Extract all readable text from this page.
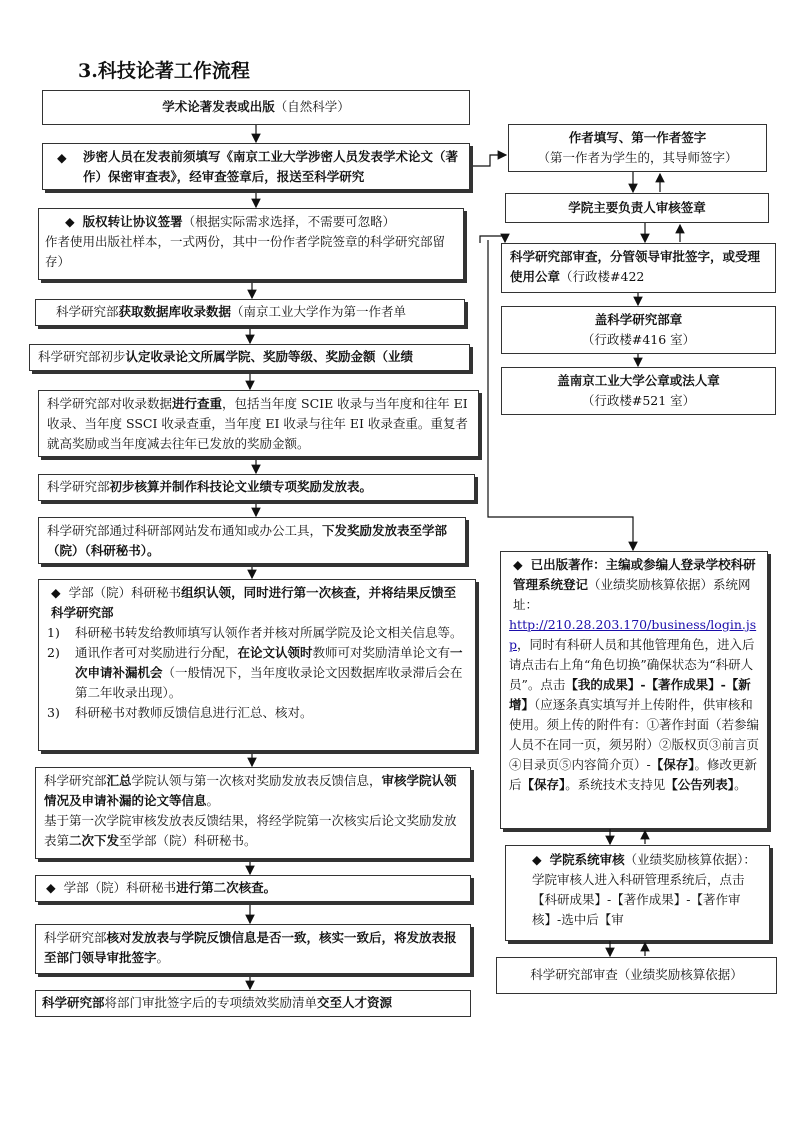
3.科技论著工作流程
学术论著发表或出版（自然科学）
◆ 涉密人员在发表前须填写《南京工业大学涉密人员发表学术论文（著作）保密审查表》，经审查签章后，报送至科学研究
◆ 版权转让协议签署（根据实际需求选择，不需要可忽略）
作者使用出版社样本，一式两份，其中一份作者学院签章的科学研究部留存）
科学研究部获取数据库收录数据（南京工业大学作为第一作者单
科学研究部初步认定收录论文所属学院、奖励等级、奖励金额（业绩
科学研究部对收录数据进行查重，包括当年度 SCIE 收录与当年度和往年 EI 收录、当年度 SSCI 收录查重，当年度 EI 收录与往年 EI 收录查重。重复者就高奖励或当年度减去往年已发放的奖励金额。
科学研究部初步核算并制作科技论文业绩专项奖励发放表。
科学研究部通过科研部网站发布通知或办公工具，下发奖励发放表至学部（院）（科研秘书）。
◆ 学部（院）科研秘书组织认领，同时进行第一次核查，并将结果反馈至科学研究部
1) 科研秘书转发给教师填写认领作者并核对所属学院及论文相关信息等。
2) 通讯作者可对奖励进行分配，在论文认领时教师可对奖励清单论文有一次申请补漏机会（一般情况下，当年度收录论文因数据库收录滞后会在第二年收录出现）。
3) 科研秘书对教师反馈信息进行汇总、核对。
科学研究部汇总学院认领与第一次核对奖励发放表反馈信息，审核学院认领情况及申请补漏的论文等信息。
基于第一次学院审核发放表反馈结果，将经学院第一次核实后论文奖励发放表第二次下发至学部（院）科研秘书。
◆ 学部（院）科研秘书进行第二次核查。
科学研究部核对发放表与学院反馈信息是否一致，核实一致后，将发放表报至部门领导审批签字。
科学研究部将部门审批签字后的专项绩效奖励清单交至人才资源
作者填写、第一作者签字
（第一作者为学生的，其导师签字）
学院主要负责人审核签章
科学研究部审查，分管领导审批签字，或受理使用公章（行政楼#422
盖科学研究部章
（行政楼#416 室）
盖南京工业大学公章或法人章
（行政楼#521 室）
◆ 已出版著作：主编或参编人登录学校科研管理系统登记（业绩奖励核算依据）系统网址：
http://210.28.203.170/business/login.jsp，同时有科研人员和其他管理角色，进入后请点击右上角“角色切换”确保状态为“科研人员”。点击【我的成果】-【著作成果】-【新增】（应逐条真实填写并上传附件，供审核和使用。须上传的附件有：①著作封面（若参编人员不在同一页，须另附）②版权页③前言页④目录页⑤内容简介页）-【保存】。修改更新后【保存】。系统技术支持见【公告列表】。
◆ 学院系统审核（业绩奖励核算依据）：学院审核人进入科研管理系统后，点击【科研成果】-【著作成果】-【著作审核】-选中后【审
科学研究部审查（业绩奖励核算依据）
